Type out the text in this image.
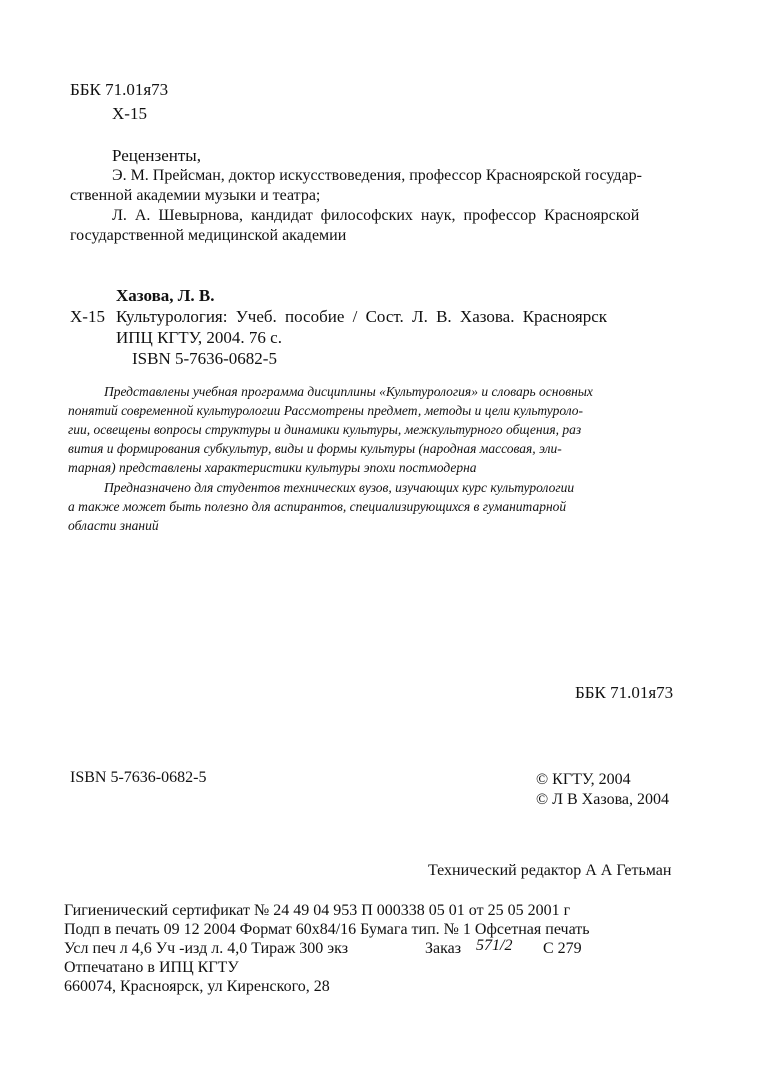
ББК 71.01я73
Х-15
Рецензенты,
Э. М. Прейсман, доктор искусствоведения, профессор Красноярской государ-
ственной академии музыки и театра;
Л. А. Шевырнова, кандидат философских наук, профессор Красноярской
государственной медицинской академии
Хазова, Л. В.
Х-15 Культурология: Учеб. пособие / Сост. Л. В. Хазова. Красноярск
ИПЦ КГТУ, 2004. 76 с.
ISBN 5-7636-0682-5
Представлены учебная программа дисциплины «Культурология» и словарь основных
понятий современной культурологии Рассмотрены предмет, методы и цели культуроло-
гии, освещены вопросы структуры и динамики культуры, межкультурного общения, раз
вития и формирования субкультур, виды и формы культуры (народная массовая, эли-
тарная) представлены характеристики культуры эпохи постмодерна
Предназначено для студентов технических вузов, изучающих курс культурологии
а также может быть полезно для аспирантов, специализирующихся в гуманитарной
области знаний
ББК 71.01я73
ISBN 5-7636-0682-5	© КГТУ, 2004
© Л В Хазова, 2004
Технический редактор А А Гетьман
Гигиенический сертификат № 24 49 04 953 П 000338 05 01 от 25 05 2001 г
Подп в печать 09 12 2004 Формат 60х84/16 Бумага тип. № 1 Офсетная печать
Усл печ л 4,6 Уч -изд л. 4,0 Тираж 300 экз	Заказ 571/2 С 279
Отпечатано в ИПЦ КГТУ
660074, Красноярск, ул Киренского, 28
